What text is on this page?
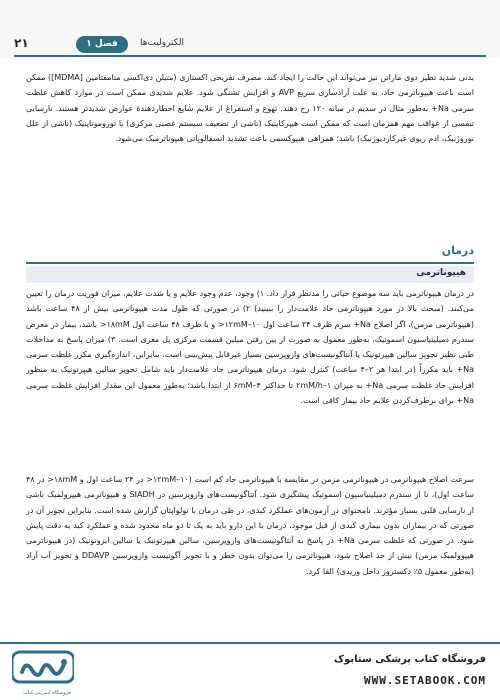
۲۱	فصل ۱	الکترولیت‌ها

بدنی شدید نظیر دوی ماراتن نیز می‌تواند این حالت را ایجاد کند. مصرف تفریحی اکستازی (متیلن دی‌اکسی متامفتامین [MDMA]) ممکن است باعث هیپوناترمی حاد، به علت آزادسازی سریع AVP و افزایش تشنگی شود. علایم شدیدی ممکن است در موارد کاهش غلظت سرمی Na+ به‌طور مثال در سدیم در میانه ۱۲۰ رخ دهند. تهوع و استفراغ از علایم شایع اخطاردهندهٔ عوارض شدیدتر هستند. نارسایی تنفسی از عواقب مهم همزمان است که ممکن است هیپرکاپنیک (ناشی از تضعیف سیستم عصبی مرکزی) یا نوروموتاپنیک (ناشی از علل نوروژنیک، ادم ریوی غیرکاردیوژنیک) باشد؛ همراهی هیپوکسمی باعث تشدید انسفالوپاتی هیپوناترمیک می‌شود.

درمان
هیپوناترمی

در درمان هیپوناترمی باید سه موضوع حیاتی را مدنظر قرار داد. ۱) وجود، عدم وجود علایم و یا شدت علایم، میزان فوریت درمان را تعیین می‌کنند. (مبحث بالا در مورد هیپوناترمی حاد علامت‌دار را ببینید) ۲) در صورتی که طول مدت هیپوناترمی بیش از ۴۸ ساعت باشد (هیپوناترمی مزمن)، اگر اصلاح Na+ سرم ظرف ۲۴ ساعت اول ۱۲mM–۱۰< و یا ظرف ۴۸ ساعت اول ۱۸mM< باشد، بیمار در معرض سندرم دمیلینیاسیون اسموتیک، به‌طور معمول به صورت از بین رفتن میلین قسمت مرکزی پل مغزی است. ۳) میزان پاسخ به مداخلات طبی نظیر تجویز سالین هیپرتونیک یا آنتاگونیست‌های وازوپرسین بسیار غیرقابل پیش‌بینی است. بنابراین، اندازه‌گیری مکرر غلظت سرمی Na+ باید مکرراً (در ابتدا هر ۲–۴ ساعت) کنترل شود. درمان هیپوناترمی حاد علامت‌دار باید شامل تجویز سالین هیپرتونیک به منظور افزایش حاد غلظت سرمی Na+ به میزان ۱–۲mM/h تا حداکثر ۴–۶mM از ابتدا باشد؛ به‌طور معمول این مقدار افزایش غلظت سرمی Na+ برای برطرف‌کردن علایم حاد بیمار کافی است.

سرعت اصلاح هیپوناترمی در هیپوناترمی مزمن در مقایسه با هیپوناترمی حاد کم است (۱۰–۱۲mM< در ۲۴ ساعت اول و ۱۸mM< در ۴۸ ساعت اول)، تا از سندرم دمیلینیاسیون اسموتیک پیشگیری شود. آنتاگونیست‌های وازوپرسین در SIADH و هیپوناترمی هیپرولمیک ناشی از نارسایی قلبی بسیار مؤثرند. نامحتوای در آزمون‌های عملکرد کبدی، در طی درمان با تولواپتان گزارش شده است. بنابراین تجویز آن در صورتی که در بیماران بدون بیماری کبدی از قبل موجود، درمان با این دارو باید به یک تا دو ماه محدود شده و عملکرد کبد به دقت پایش شود. در صورتی که غلظت سرمی Na+ در پاسخ به آنتاگونیست‌های وازوپرسین، سالین هیپرتونیک یا سالین ایزوتونیک (در هیپوناترمی هیپوولمیک مزمن) بیش از حد اصلاح شود، هیپوناترمی را می‌توان بدون خطر و با تجویز آگونیست وازوپرسین DDAVP و تجویز آب آزاد (به‌طور معمول ۵٪ دکستروز داخل وریدی) القا کرد.

فروشگاه اینترنتی کتاب
فروشگاه کتاب پزشکی ستابوک
WWW.SETABOOK.COM
